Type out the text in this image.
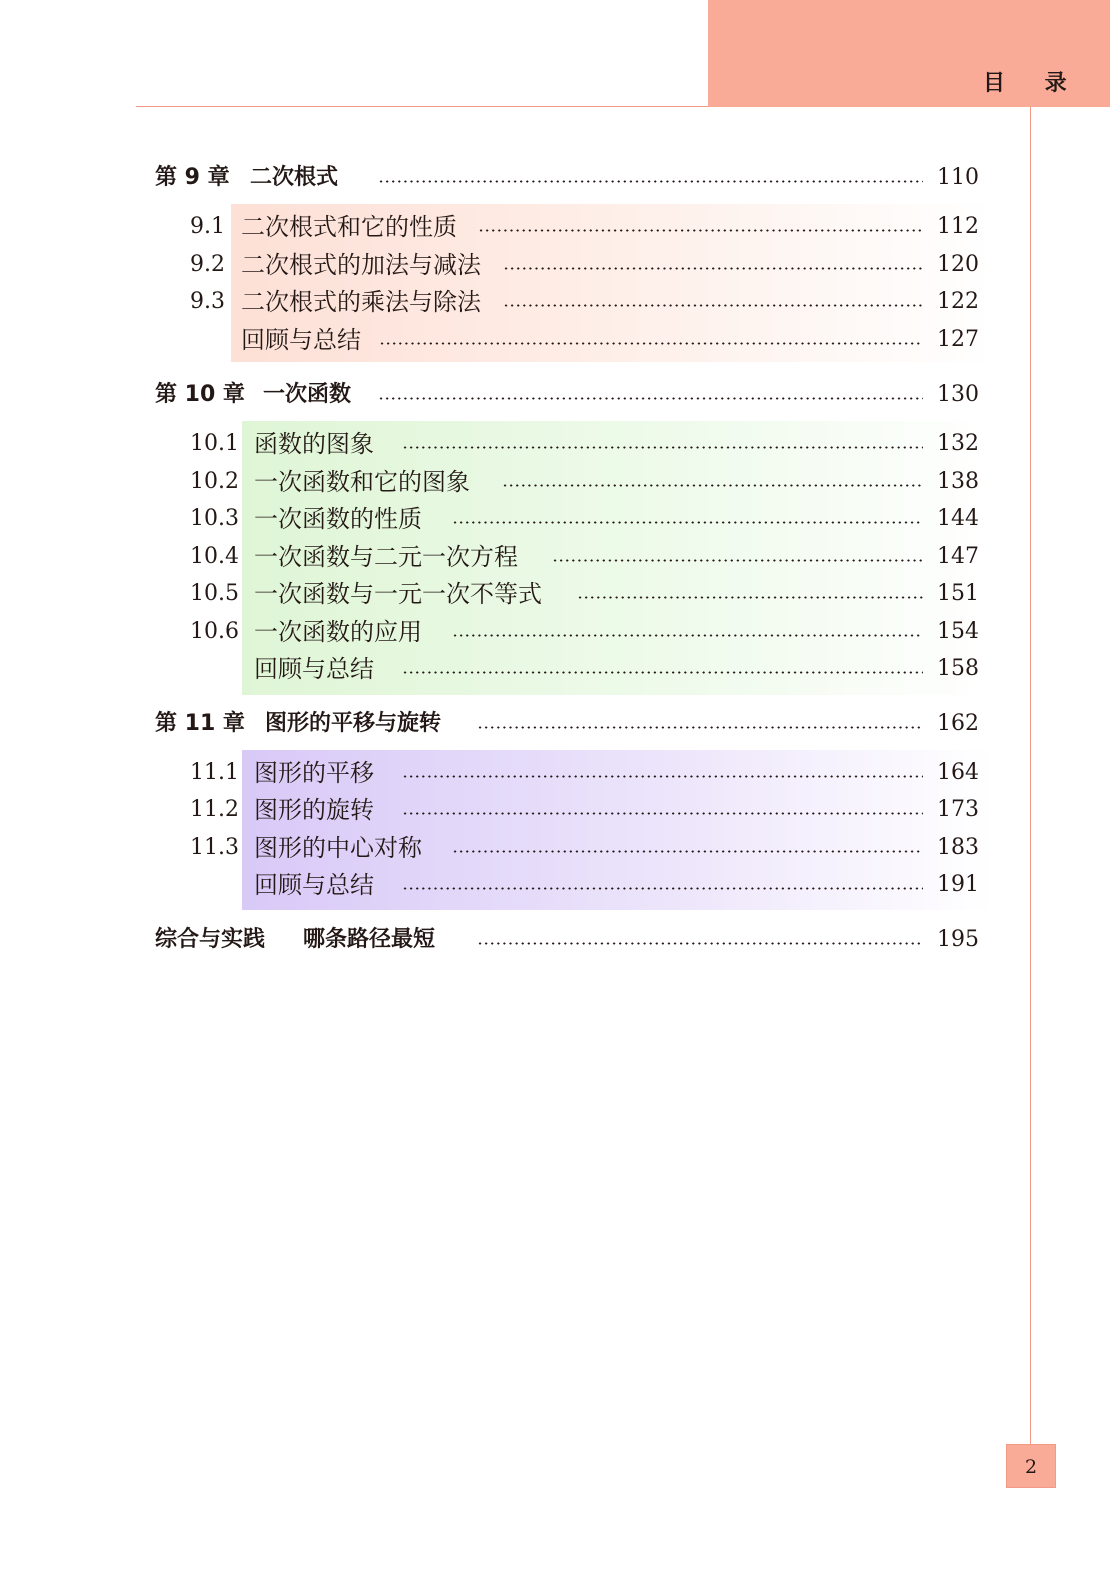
目 录
第 9 章 二次根式	110
9.1 二次根式和它的性质	112
9.2 二次根式的加法与减法	120
9.3 二次根式的乘法与除法	122
回顾与总结	127
第 10 章 一次函数	130
10.1 函数的图象	132
10.2 一次函数和它的图象	138
10.3 一次函数的性质	144
10.4 一次函数与二元一次方程	147
10.5 一次函数与一元一次不等式	151
10.6 一次函数的应用	154
回顾与总结	158
第 11 章 图形的平移与旋转	162
11.1 图形的平移	164
11.2 图形的旋转	173
11.3 图形的中心对称	183
回顾与总结	191
综合与实践 哪条路径最短	195
2
